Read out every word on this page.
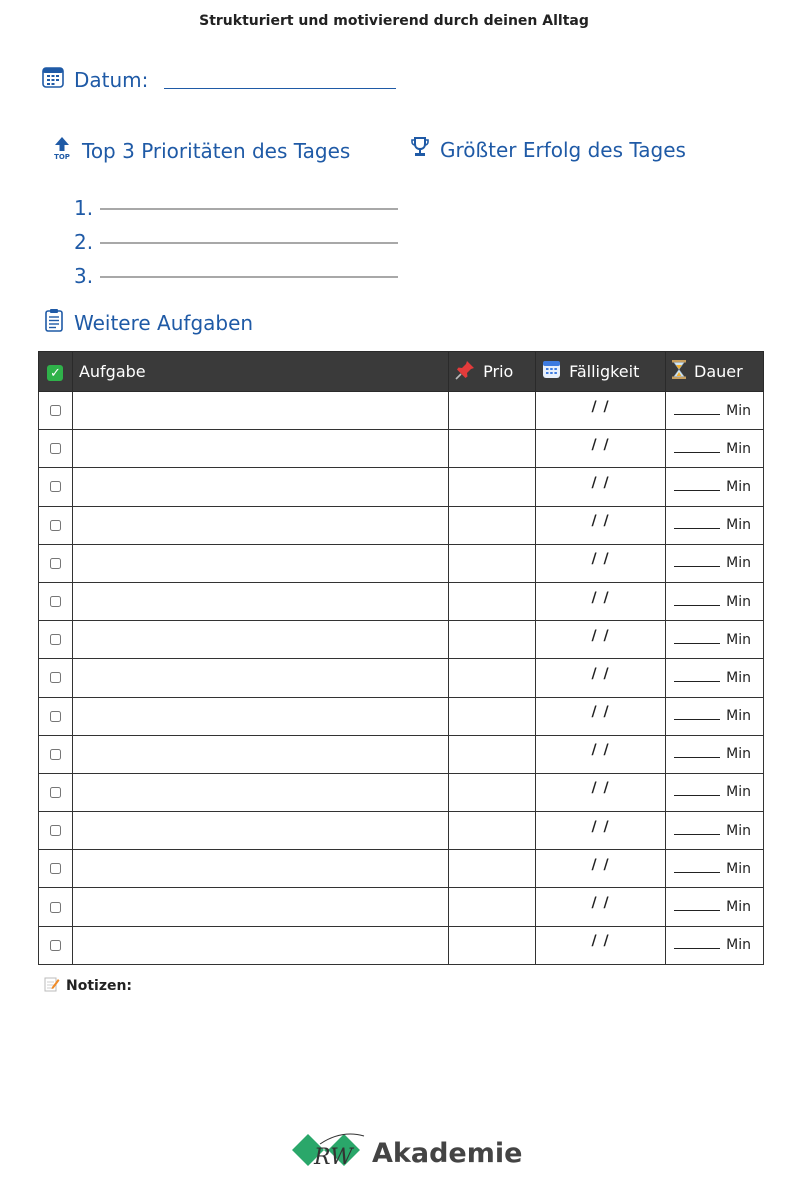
Strukturiert und motivierend durch deinen Alltag
Datum:
TOP Top 3 Prioritäten des Tages	Größter Erfolg des Tages
1.
2.
3.
Weitere Aufgaben
✓	Aufgabe	Prio	Fälligkeit	Dauer

			/ /	Min
			/ /	Min
			/ /	Min
			/ /	Min
			/ /	Min
			/ /	Min
			/ /	Min
			/ /	Min
			/ /	Min
			/ /	Min
			/ /	Min
			/ /	Min
			/ /	Min
			/ /	Min
			/ /	Min
Notizen:
RW Akademie
